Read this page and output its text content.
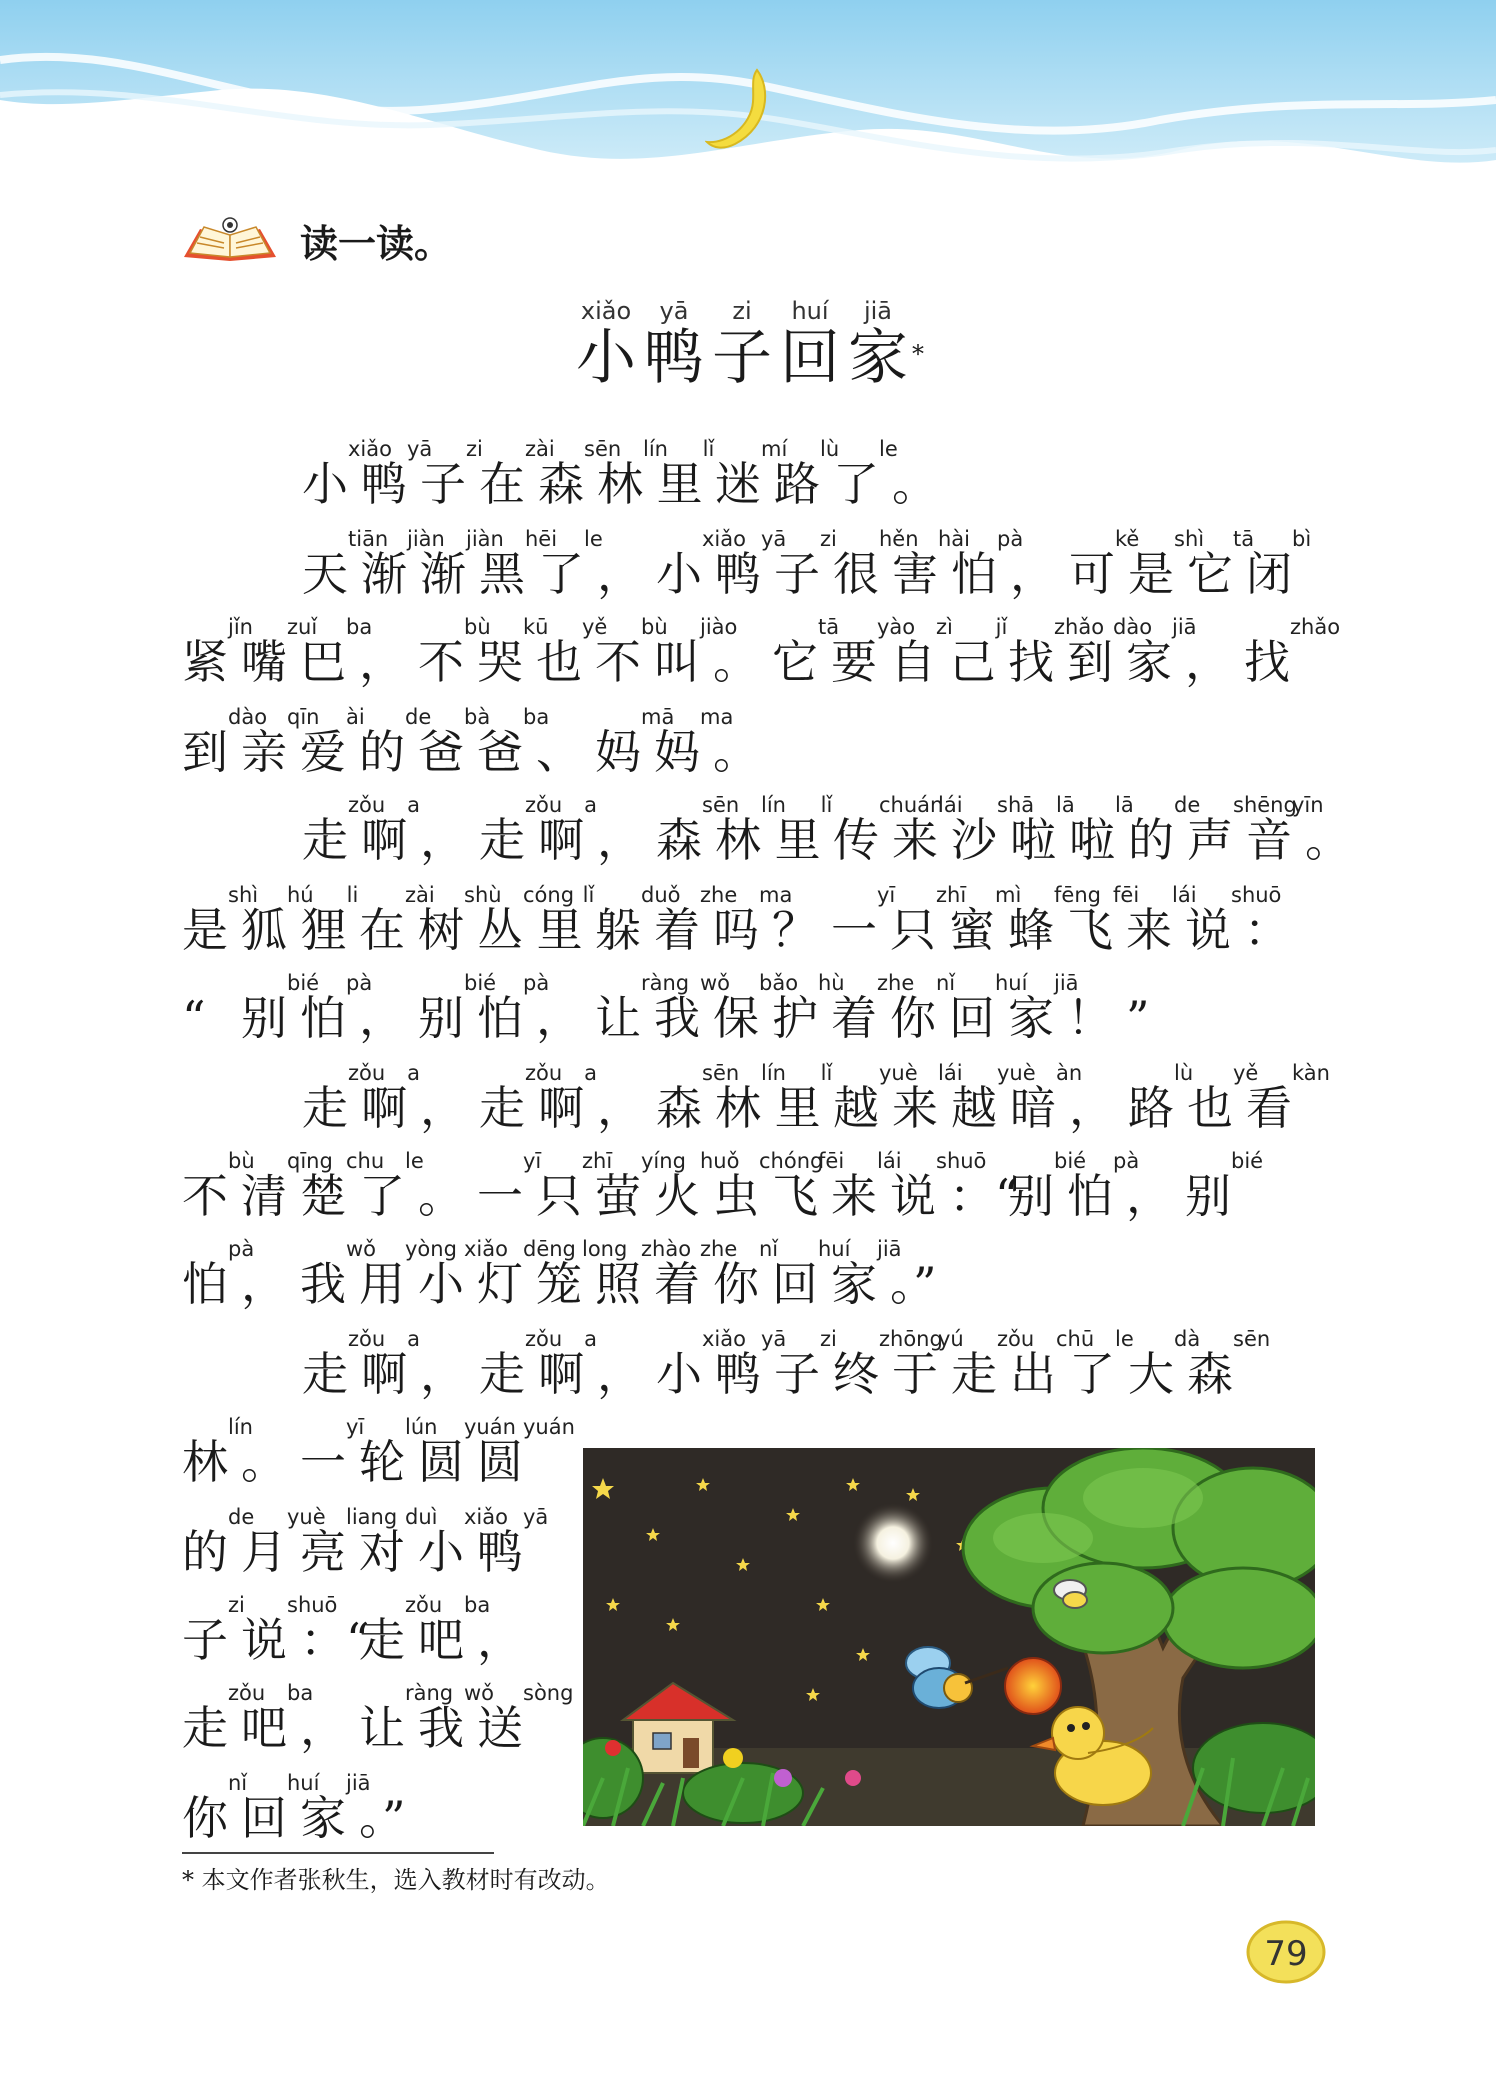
读一读。
小xiǎo鸭yā子zi回huí家jiā*
小xiǎo鸭yā子zi在zài森sēn林lín里lǐ迷mí路lù了le。
天tiān渐jiàn渐jiàn黑hēi了le， 小xiǎo鸭yā子zi很hěn害hài怕pà， 可kě是shì它tā闭bì
紧jǐn嘴zuǐ巴ba， 不bù哭kū也yě不bù叫jiào。 它tā要yào自zì己jǐ找zhǎo到dào家jiā， 找zhǎo
到dào亲qīn爱ài的de爸bà爸ba、 妈mā妈ma。
走zǒu啊a， 走zǒu啊a， 森sēn林lín里lǐ传chuán来lái沙shā啦lā啦lā的de声shēng音yīn。
是shì狐hú狸li在zài树shù丛cóng里lǐ躲duǒ着zhe吗ma？ 一yī只zhī蜜mì蜂fēng飞fēi来lái说shuō：
“ 别bié怕pà， 别bié怕pà， 让ràng我wǒ保bǎo护hù着zhe你nǐ回huí家jiā！ ”
走zǒu啊a， 走zǒu啊a， 森sēn林lín里lǐ越yuè来lái越yuè暗àn， 路lù也yě看kàn
不bù清qīng楚chu了le。 一yī只zhī萤yíng火huǒ虫chóng飞fēi来lái说shuō：“ 别bié怕pà， 别bié
怕pà， 我wǒ用yòng小xiǎo灯dēng笼long照zhào着zhe你nǐ回huí家jiā。”
走zǒu啊a， 走zǒu啊a， 小xiǎo鸭yā子zi终zhōng于yú走zǒu出chū了le大dà森sēn
林lín。 一yī轮lún圆yuán圆yuán
的de月yuè亮liang对duì小xiǎo鸭yā
子zi说shuō：“ 走zǒu吧ba，
走zǒu吧ba， 让ràng我wǒ送sòng
你nǐ回huí家jiā。”
* 本文作者张秋生，选入教材时有改动。
79
